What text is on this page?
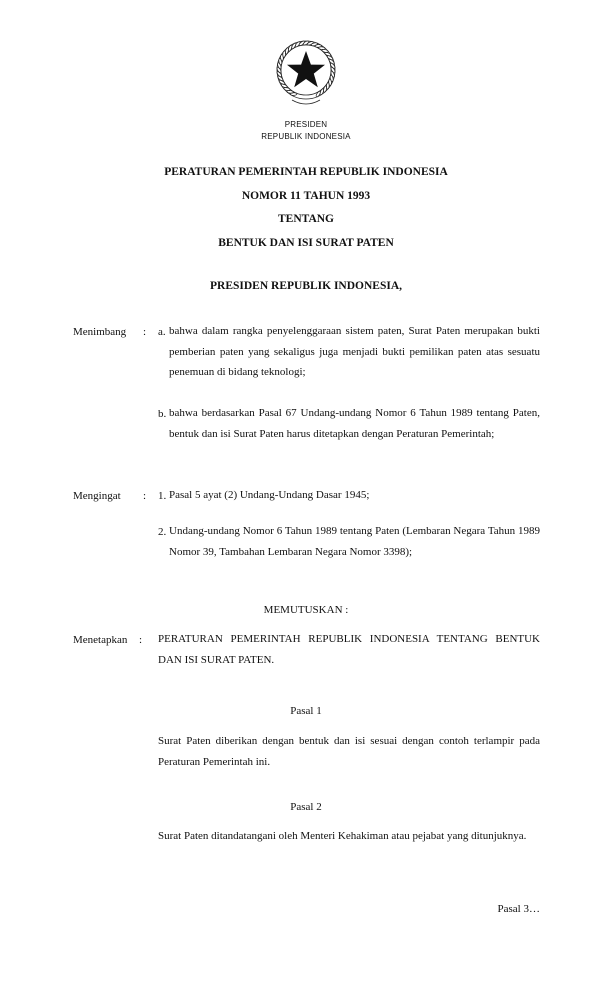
PRESIDEN
REPUBLIK INDONESIA
PERATURAN PEMERINTAH REPUBLIK INDONESIA
NOMOR 11 TAHUN 1993
TENTANG
BENTUK DAN ISI SURAT PATEN
PRESIDEN REPUBLIK INDONESIA,
Menimbang : a. bahwa dalam rangka penyelenggaraan sistem paten, Surat Paten merupakan bukti pemberian paten yang sekaligus juga menjadi bukti pemilikan paten atas sesuatu penemuan di bidang teknologi;
b. bahwa berdasarkan Pasal 67 Undang-undang Nomor 6 Tahun 1989 tentang Paten, bentuk dan isi Surat Paten harus ditetapkan dengan Peraturan Pemerintah;
Mengingat : 1. Pasal 5 ayat (2) Undang-Undang Dasar 1945;
2. Undang-undang Nomor 6 Tahun 1989 tentang Paten (Lembaran Negara Tahun 1989 Nomor 39, Tambahan Lembaran Negara Nomor 3398);
MEMUTUSKAN :
Menetapkan : PERATURAN PEMERINTAH REPUBLIK INDONESIA TENTANG BENTUK DAN ISI SURAT PATEN.
Pasal 1
Surat Paten diberikan dengan bentuk dan isi sesuai dengan contoh terlampir pada Peraturan Pemerintah ini.
Pasal 2
Surat Paten ditandatangani oleh Menteri Kehakiman atau pejabat yang ditunjuknya.
Pasal 3…
